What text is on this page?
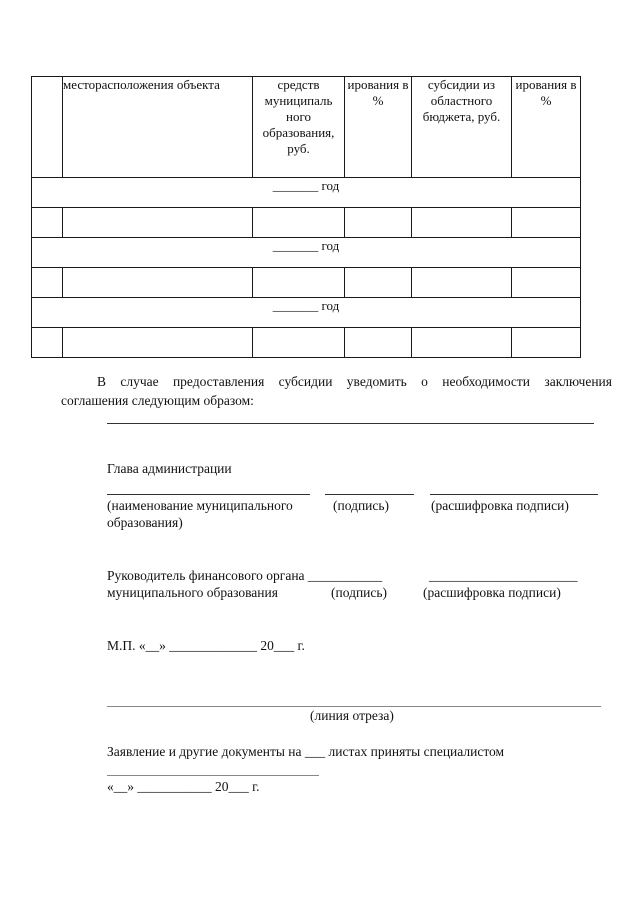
	месторасположения объекта	средств муниципаль ного образования, руб.	ирования в %	субсидии из областного бюджета, руб.	ирования в %
_______ год					

_______ год					

_______ год					

В случае предоставления субсидии уведомить о необходимости заключения
соглашения следующим образом:
Глава администрации
(наименование муниципального	(подпись)	(расшифровка подписи)
образования)
Руководитель финансового органа ___________	______________________
муниципального образования	(подпись)	(расшифровка подписи)
М.П. «__» _____________ 20___ г.
(линия отреза)
Заявление и другие документы на ___ листах приняты специалистом
«__» ___________ 20___ г.
